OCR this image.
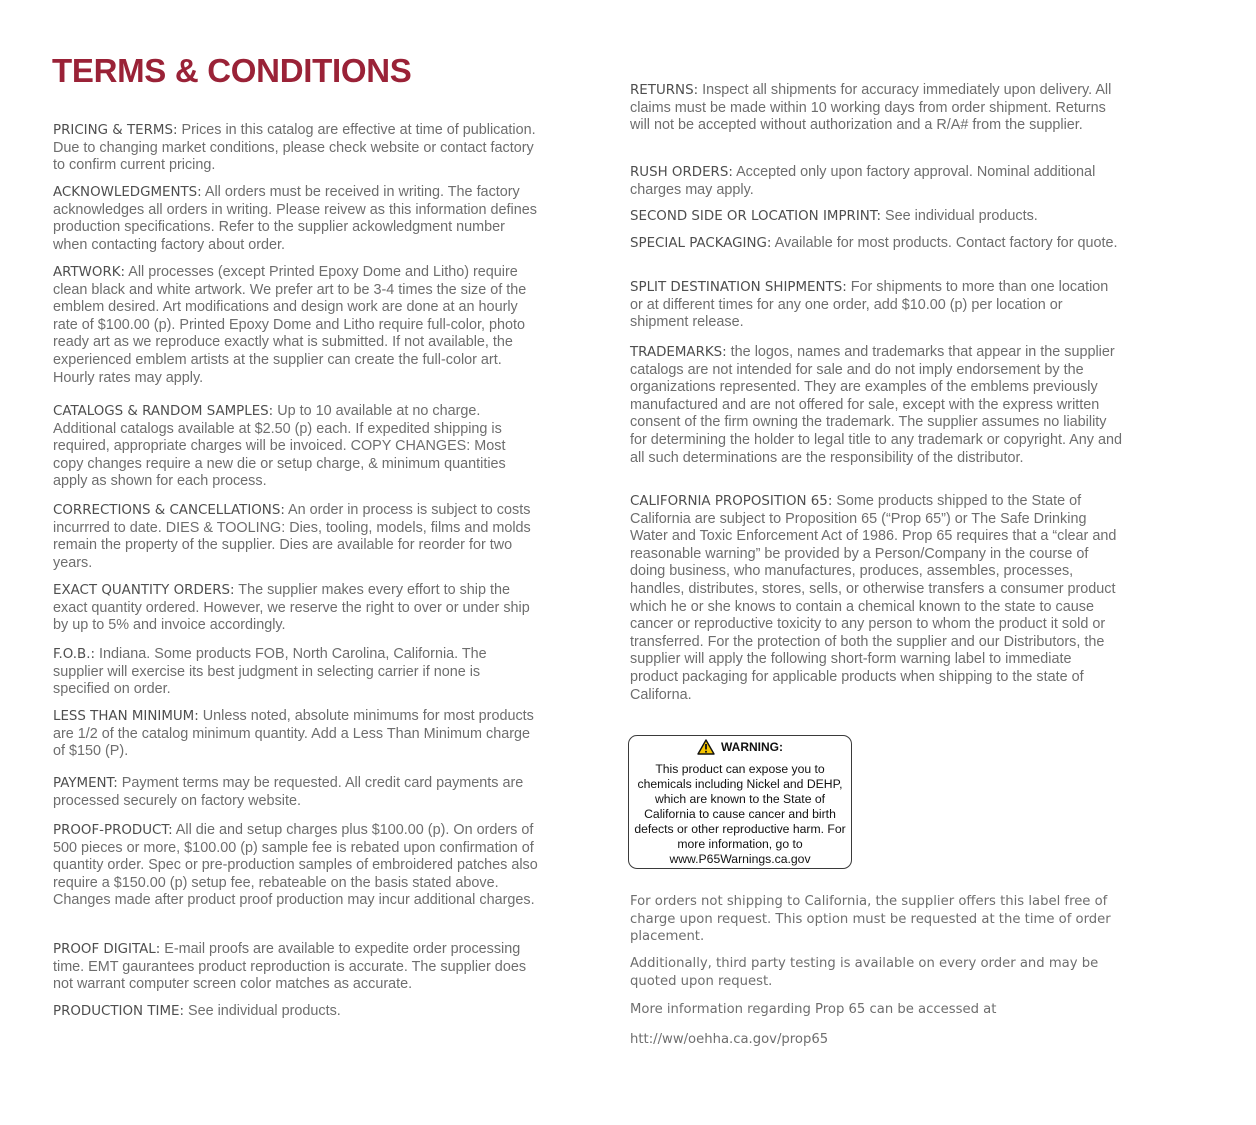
TERMS & CONDITIONS

PRICING & TERMS: Prices in this catalog are effective at time of publication. Due to changing market conditions, please check website or contact factory to confirm current pricing.

ACKNOWLEDGMENTS: All orders must be received in writing. The factory acknowledges all orders in writing. Please reivew as this information defines production specifications. Refer to the supplier ackowledgment number when contacting factory about order.

ARTWORK: All processes (except Printed Epoxy Dome and Litho) require clean black and white artwork. We prefer art to be 3-4 times the size of the emblem desired. Art modifications and design work are done at an hourly rate of $100.00 (p). Printed Epoxy Dome and Litho require full-color, photo ready art as we reproduce exactly what is submitted. If not available, the experienced emblem artists at the supplier can create the full-color art. Hourly rates may apply.

CATALOGS & RANDOM SAMPLES: Up to 10 available at no charge. Additional catalogs available at $2.50 (p) each. If expedited shipping is required, appropriate charges will be invoiced. COPY CHANGES: Most copy changes require a new die or setup charge, & minimum quantities apply as shown for each process.

CORRECTIONS & CANCELLATIONS: An order in process is subject to costs incurrred to date. DIES & TOOLING: Dies, tooling, models, films and molds remain the property of the supplier. Dies are available for reorder for two years.

EXACT QUANTITY ORDERS: The supplier makes every effort to ship the exact quantity ordered. However, we reserve the right to over or under ship by up to 5% and invoice accordingly.

F.O.B.: Indiana. Some products FOB, North Carolina, California. The supplier will exercise its best judgment in selecting carrier if none is specified on order.

LESS THAN MINIMUM: Unless noted, absolute minimums for most products are 1/2 of the catalog minimum quantity. Add a Less Than Minimum charge of $150 (P).

PAYMENT: Payment terms may be requested. All credit card payments are processed securely on factory website.

PROOF-PRODUCT: All die and setup charges plus $100.00 (p). On orders of 500 pieces or more, $100.00 (p) sample fee is rebated upon confirmation of quantity order. Spec or pre-production samples of embroidered patches also require a $150.00 (p) setup fee, rebateable on the basis stated above. Changes made after product proof production may incur additional charges.

PROOF DIGITAL: E-mail proofs are available to expedite order processing time. EMT gaurantees product reproduction is accurate. The supplier does not warrant computer screen color matches as accurate.

PRODUCTION TIME: See individual products.

RETURNS: Inspect all shipments for accuracy immediately upon delivery. All claims must be made within 10 working days from order shipment. Returns will not be accepted without authorization and a R/A# from the supplier.

RUSH ORDERS: Accepted only upon factory approval. Nominal additional charges may apply.

SECOND SIDE OR LOCATION IMPRINT: See individual products.

SPECIAL PACKAGING: Available for most products. Contact factory for quote.

SPLIT DESTINATION SHIPMENTS: For shipments to more than one location or at different times for any one order, add $10.00 (p) per location or shipment release.

TRADEMARKS: the logos, names and trademarks that appear in the supplier catalogs are not intended for sale and do not imply endorsement by the organizations represented. They are examples of the emblems previously manufactured and are not offered for sale, except with the express written consent of the firm owning the trademark. The supplier assumes no liability for determining the holder to legal title to any trademark or copyright. Any and all such determinations are the responsibility of the distributor.

CALIFORNIA PROPOSITION 65: Some products shipped to the State of California are subject to Proposition 65 (“Prop 65”) or The Safe Drinking Water and Toxic Enforcement Act of 1986. Prop 65 requires that a “clear and reasonable warning” be provided by a Person/Company in the course of doing business, who manufactures, produces, assembles, processes, handles, distributes, stores, sells, or otherwise transfers a consumer product which he or she knows to contain a chemical known to the state to cause cancer or reproductive toxicity to any person to whom the product it sold or transferred. For the protection of both the supplier and our Distributors, the supplier will apply the following short-form warning label to immediate product packaging for applicable products when shipping to the state of Californa.

For orders not shipping to California, the supplier offers this label free of charge upon request. This option must be requested at the time of order placement.

Additionally, third party testing is available on every order and may be quoted upon request.

More information regarding Prop 65 can be accessed at

htt://ww/oehha.ca.gov/prop65

WARNING:

This product can expose you to chemicals including Nickel and DEHP, which are known to the State of California to cause cancer and birth defects or other reproductive harm. For more information, go to www.P65Warnings.ca.gov
